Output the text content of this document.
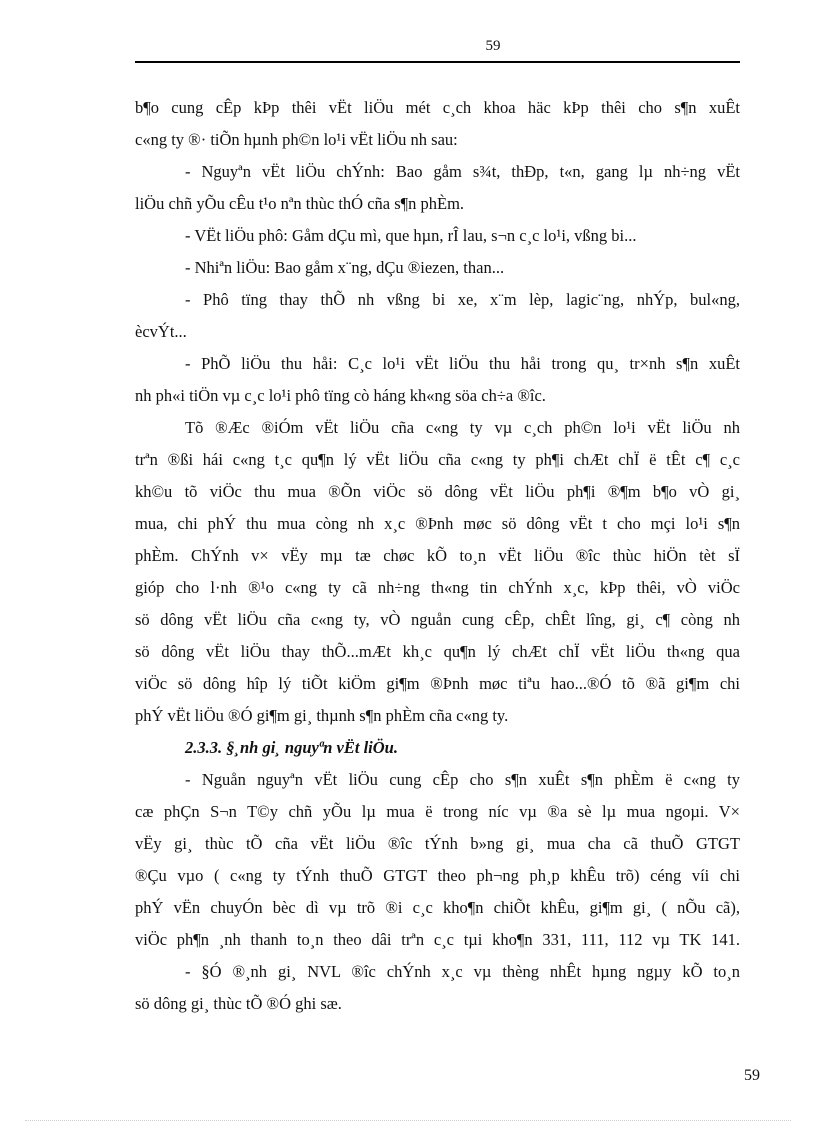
59
b¶o cung cÊp kÞp thêi vËt liÖu mét c¸ch khoa häc kÞp thêi cho s¶n xuÊt
c«ng ty ®· tiÕn hµnh ph©n lo¹i vËt liÖu nh sau:
- Nguyªn vËt liÖu chÝnh: Bao gåm s¾t, thÐp, t«n, gang lµ nh÷ng vËt
liÖu chñ yÕu cÊu t¹o nªn thùc thÓ cña s¶n phÈm.
- VËt liÖu phô: Gåm dÇu mì, que hµn, rÎ lau, s¬n c¸c lo¹i, vßng bi...
- Nhiªn liÖu: Bao gåm x¨ng, dÇu ®iezen, than...
- Phô tïng thay thÕ nh vßng bi xe, x¨m lèp, lagic¨ng, nhÝp, bul«ng,
ècvÝt...
- PhÕ liÖu thu håi: C¸c lo¹i vËt liÖu thu håi trong qu¸ tr×nh s¶n xuÊt
nh ph«i tiÖn vµ c¸c lo¹i phô tïng cò háng kh«ng söa ch÷a ®îc.
Tõ ®Æc ®iÓm vËt liÖu cña c«ng ty vµ c¸ch ph©n lo¹i vËt liÖu nh
trªn ®ßi hái c«ng t¸c qu¶n lý vËt liÖu cña c«ng ty ph¶i chÆt chÏ ë tÊt c¶ c¸c
kh©u tõ viÖc thu mua ®Õn viÖc sö dông vËt liÖu ph¶i ®¶m b¶o vÒ gi¸
mua, chi phÝ thu mua còng nh x¸c ®Þnh møc sö dông vËt t cho mçi lo¹i s¶n
phÈm. ChÝnh v× vËy mµ tæ chøc kÕ to¸n vËt liÖu ®îc thùc hiÖn tèt sÏ
gióp cho l·nh ®¹o c«ng ty cã nh÷ng th«ng tin chÝnh x¸c, kÞp thêi, vÒ viÖc
sö dông vËt liÖu cña c«ng ty, vÒ nguån cung cÊp, chÊt lîng, gi¸ c¶ còng nh
sö dông vËt liÖu thay thÕ...mÆt kh¸c qu¶n lý chÆt chÏ vËt liÖu th«ng qua
viÖc sö dông hîp lý tiÕt kiÖm gi¶m ®Þnh møc tiªu hao...®Ó tõ ®ã gi¶m chi
phÝ vËt liÖu ®Ó gi¶m gi¸ thµnh s¶n phÈm cña c«ng ty.
2.3.3. §¸nh gi¸ nguyªn vËt liÖu.
- Nguån nguyªn vËt liÖu cung cÊp cho s¶n xuÊt s¶n phÈm ë c«ng ty
cæ phÇn S¬n T©y chñ yÕu lµ mua ë trong níc vµ ®a sè lµ mua ngoµi. V×
vËy gi¸ thùc tÕ cña vËt liÖu ®îc tÝnh b»ng gi¸ mua cha cã thuÕ GTGT
®Çu vµo ( c«ng ty tÝnh thuÕ GTGT theo ph¬ng ph¸p khÊu trõ) céng víi chi
phÝ vËn chuyÓn bèc dì vµ trõ ®i c¸c kho¶n chiÕt khÊu, gi¶m gi¸ ( nÕu cã),
viÖc ph¶n ¸nh thanh to¸n theo dâi trªn c¸c tµi kho¶n 331, 111, 112 vµ TK 141.
- §Ó ®¸nh gi¸ NVL ®îc chÝnh x¸c vµ thèng nhÊt hµng ngµy kÕ to¸n
sö dông gi¸ thùc tÕ ®Ó ghi sæ.
59
